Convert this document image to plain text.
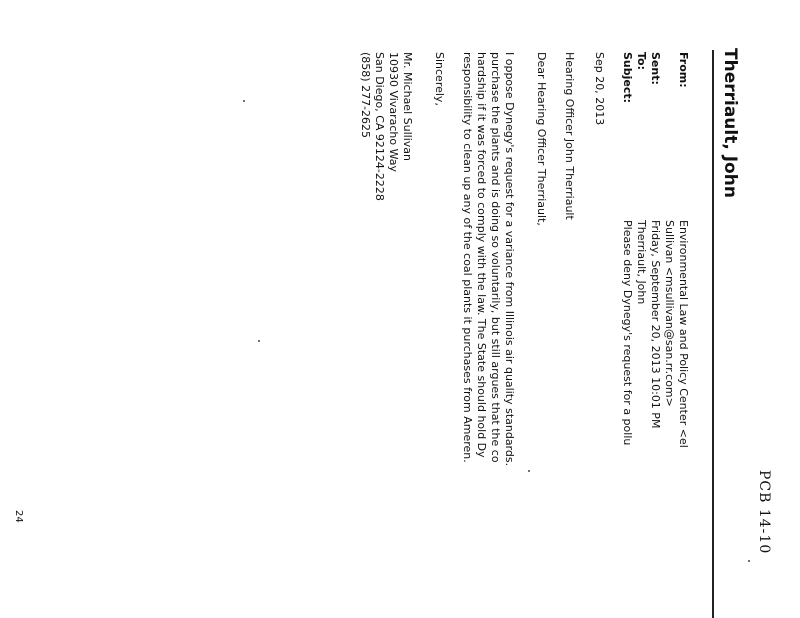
PCB 14-10
Therriault, John
From:
Environmental Law and Policy Center <el
Sullivan <msullivan@san.rr.com>
Sent:
Friday, September 20, 2013 10:01 PM
To:
Therriault, John
Subject:
Please deny Dynegy's request for a pollu
Sep 20, 2013
Hearing Officer John Therriault
Dear Hearing Officer Therriault,
I oppose Dynegy's request for a variance from Illinois air quality standards.
purchase the plants and is doing so voluntarily, but still argues that the co
hardship if it was forced to comply with the law. The State should hold Dy
responsibility to clean up any of the coal plants it purchases from Ameren.
Sincerely,
Mr. Michael Sullivan
10930 Vivaracho Way
San Diego, CA 92124-2228
(858) 277-2625
24
